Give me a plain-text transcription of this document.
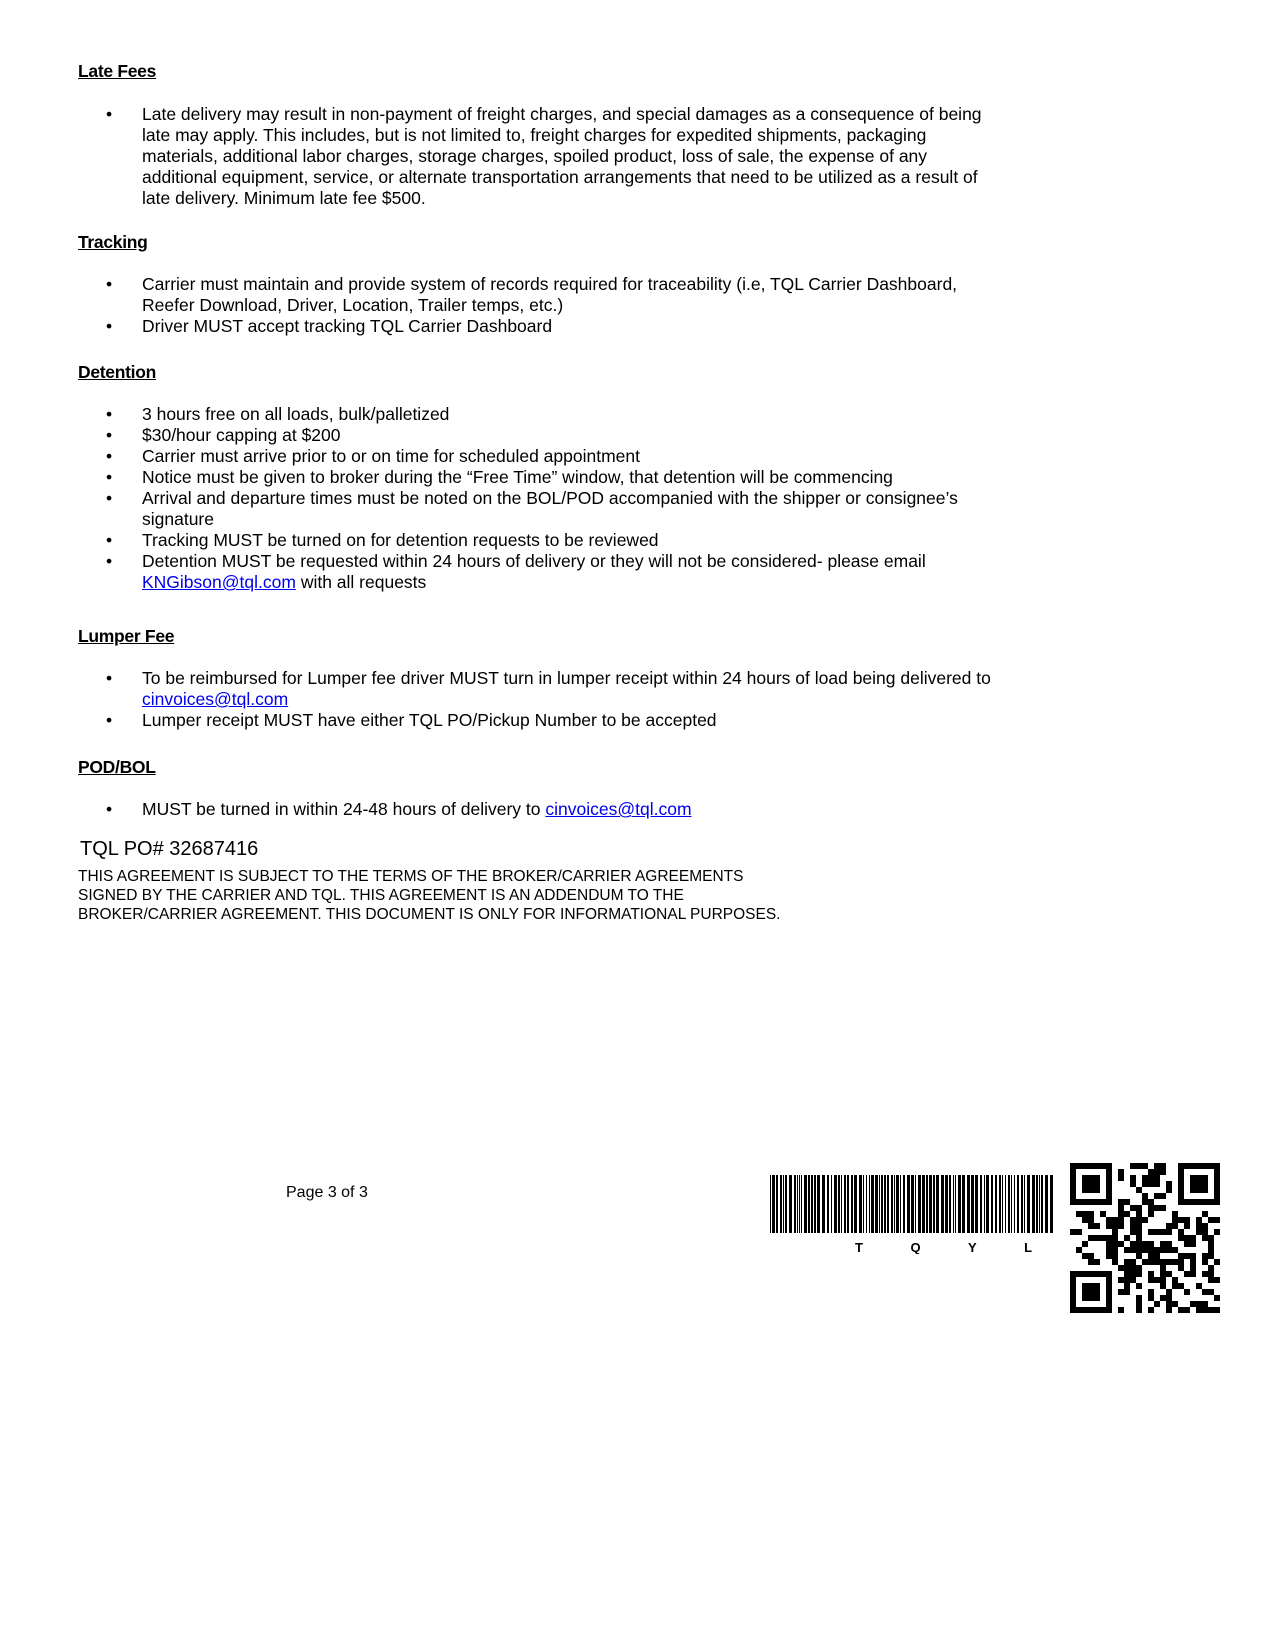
Late Fees
• Late delivery may result in non-payment of freight charges, and special damages as a consequence of being late may apply. This includes, but is not limited to, freight charges for expedited shipments, packaging materials, additional labor charges, storage charges, spoiled product, loss of sale, the expense of any additional equipment, service, or alternate transportation arrangements that need to be utilized as a result of late delivery. Minimum late fee $500.
Tracking
• Carrier must maintain and provide system of records required for traceability (i.e, TQL Carrier Dashboard, Reefer Download, Driver, Location, Trailer temps, etc.)
• Driver MUST accept tracking TQL Carrier Dashboard
Detention
• 3 hours free on all loads, bulk/palletized
• $30/hour capping at $200
• Carrier must arrive prior to or on time for scheduled appointment
• Notice must be given to broker during the “Free Time” window, that detention will be commencing
• Arrival and departure times must be noted on the BOL/POD accompanied with the shipper or consignee’s signature
• Tracking MUST be turned on for detention requests to be reviewed
• Detention MUST be requested within 24 hours of delivery or they will not be considered- please email KNGibson@tql.com with all requests
Lumper Fee
• To be reimbursed for Lumper fee driver MUST turn in lumper receipt within 24 hours of load being delivered to cinvoices@tql.com
• Lumper receipt MUST have either TQL PO/Pickup Number to be accepted
POD/BOL
• MUST be turned in within 24-48 hours of delivery to cinvoices@tql.com

TQL PO# 32687416

THIS AGREEMENT IS SUBJECT TO THE TERMS OF THE BROKER/CARRIER AGREEMENTS SIGNED BY THE CARRIER AND TQL. THIS AGREEMENT IS AN ADDENDUM TO THE BROKER/CARRIER AGREEMENT. THIS DOCUMENT IS ONLY FOR INFORMATIONAL PURPOSES.

Page 3 of 3

T Q Y L
